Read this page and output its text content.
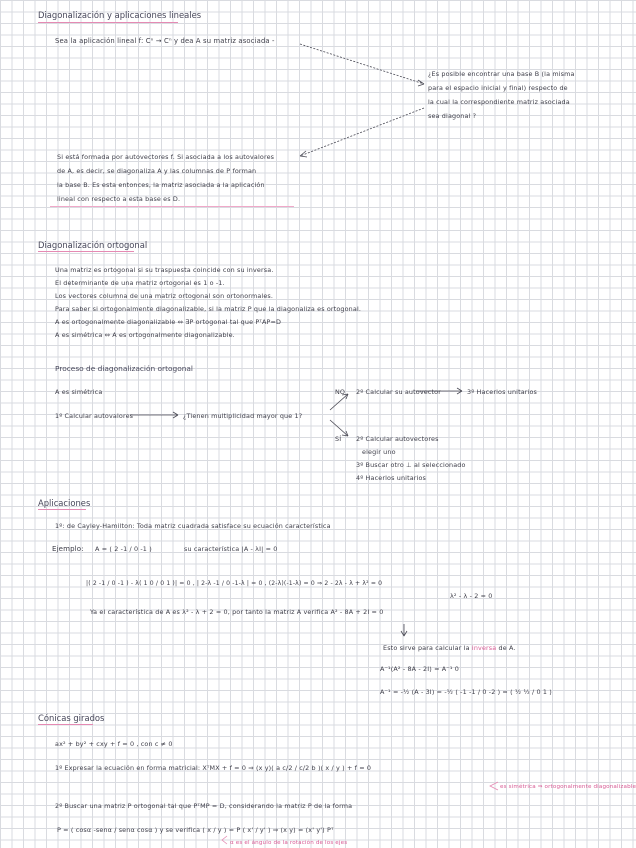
Diagonalización y aplicaciones lineales
Sea la aplicación lineal f: Cⁿ → Cⁿ y dea A su matriz asociada -
¿Es posible encontrar una base B (la misma
para el espacio inicial y final) respecto de
la cual la correspondiente matriz asociada
sea diagonal ?
Si está formada por autovectores f. Si asociada a los autovalores
de A, es decir, se diagonaliza A y las columnas de P forman
la base B. Es esta entonces, la matriz asociada a la aplicación
lineal con respecto a esta base es D.
Diagonalización ortogonal
Una matriz es ortogonal si su traspuesta coincide con su inversa.
El determinante de una matriz ortogonal es 1 o -1.
Los vectores columna de una matriz ortogonal son ortonormales.
Para saber si ortogonalmente diagonalizable, si la matriz P que la diagonaliza es ortogonal.
A es ortogonalmente diagonalizable ⇔ ∃P ortogonal tal que PᵀAP=D
A es simétrica ⇔ A es ortogonalmente diagonalizable.
Proceso de diagonalización ortogonal
A es simétrica
1º Calcular autovalores	¿Tienen multiplicidad mayor que 1?
NO 2º Calcular su autovector	3º Hacerlos unitarios
SÍ 2º Calcular autovectores
elegir uno
3º Buscar otro ⊥ al seleccionado
4º Hacerlos unitarios
Aplicaciones
1º: de Cayley-Hamilton: Toda matriz cuadrada satisface su ecuación característica
Ejemplo: A = ( 2 -1 / 0 -1 )	su característica |A - λI| = 0
|( 2 -1 / 0 -1 ) - λ( 1 0 / 0 1 )| = 0 , | 2-λ -1 / 0 -1-λ | = 0 , (2-λ)(-1-λ) = 0 ⇒ 2 - 2λ - λ + λ² = 0
λ² - λ - 2 = 0
Ya el característica de A es λ² - λ + 2 = 0, por tanto la matriz A verifica A² - 8A + 2I = 0
Esto sirve para calcular la inversa de A.
A⁻¹(A² - 8A - 2I) = A⁻¹ 0
A⁻¹ = -½ (A - 3I) = -½ ( -1 -1 / 0 -2 ) = ( ½ ½ / 0 1 )
Cónicas girados
ax² + by² + cxy + f = 0 , con c ≠ 0
1º Expresar la ecuación en forma matricial: XᵀMX + f = 0 ⇒ (x y)( a c/2 / c/2 b )( x / y ) + f = 0
es simétrica ⇒ ortogonalmente diagonalizable
2º Buscar una matriz P ortogonal tal que PᵀMP = D, considerando la matriz P de la forma
P = ( cosα -senα / senα cosα ) y se verifica ( x / y ) = P ( x' / y' ) ⇒ (x y) = (x' y') Pᵀ
α es el ángulo de la rotación de los ejes
